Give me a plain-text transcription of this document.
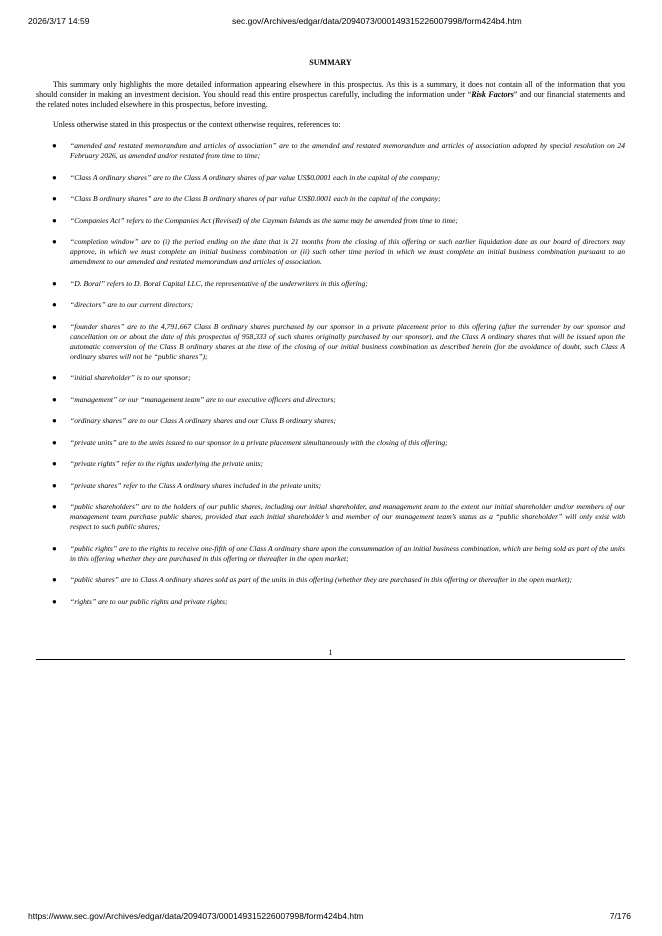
2026/3/17 14:59	sec.gov/Archives/edgar/data/2094073/000149315226007998/form424b4.htm
SUMMARY

This summary only highlights the more detailed information appearing elsewhere in this prospectus. As this is a summary, it does not contain all of the information that you should consider in making an investment decision. You should read this entire prospectus carefully, including the information under “Risk Factors” and our financial statements and the related notes included elsewhere in this prospectus, before investing.

Unless otherwise stated in this prospectus or the context otherwise requires, references to:

● “amended and restated memorandum and articles of association” are to the amended and restated memorandum and articles of association adopted by special resolution on 24 February 2026, as amended and/or restated from time to time;
● “Class A ordinary shares” are to the Class A ordinary shares of par value US$0.0001 each in the capital of the company;
● “Class B ordinary shares” are to the Class B ordinary shares of par value US$0.0001 each in the capital of the company;
● “Companies Act” refers to the Companies Act (Revised) of the Cayman Islands as the same may be amended from time to time;
● “completion window” are to (i) the period ending on the date that is 21 months from the closing of this offering or such earlier liquidation date as our board of directors may approve, in which we must complete an initial business combination or (ii) such other time period in which we must complete an initial business combination pursuant to an amendment to our amended and restated memorandum and articles of association.
● “D. Boral” refers to D. Boral Capital LLC, the representative of the underwriters in this offering;
● “directors” are to our current directors;
● “founder shares” are to the 4,791,667 Class B ordinary shares purchased by our sponsor in a private placement prior to this offering (after the surrender by our sponsor and cancellation on or about the date of this prospectus of 958,333 of such shares originally purchased by our sponsor), and the Class A ordinary shares that will be issued upon the automatic conversion of the Class B ordinary shares at the time of the closing of our initial business combination as described herein (for the avoidance of doubt, such Class A ordinary shares will not be “public shares”);
● “initial shareholder” is to our sponsor;
● “management” or our “management team” are to our executive officers and directors;
● “ordinary shares” are to our Class A ordinary shares and our Class B ordinary shares;
● “private units” are to the units issued to our sponsor in a private placement simultaneously with the closing of this offering;
● “private rights” refer to the rights underlying the private units;
● “private shares” refer to the Class A ordinary shares included in the private units;
● “public shareholders” are to the holders of our public shares, including our initial shareholder, and management team to the extent our initial shareholder and/or members of our management team purchase public shares, provided that each initial shareholder’s and member of our management team’s status as a “public shareholder” will only exist with respect to such public shares;
● “public rights” are to the rights to receive one-fifth of one Class A ordinary share upon the consummation of an initial business combination, which are being sold as part of the units in this offering whether they are purchased in this offering or thereafter in the open market;
● “public shares” are to Class A ordinary shares sold as part of the units in this offering (whether they are purchased in this offering or thereafter in the open market);
● “rights” are to our public rights and private rights;
1
https://www.sec.gov/Archives/edgar/data/2094073/000149315226007998/form424b4.htm	7/176
